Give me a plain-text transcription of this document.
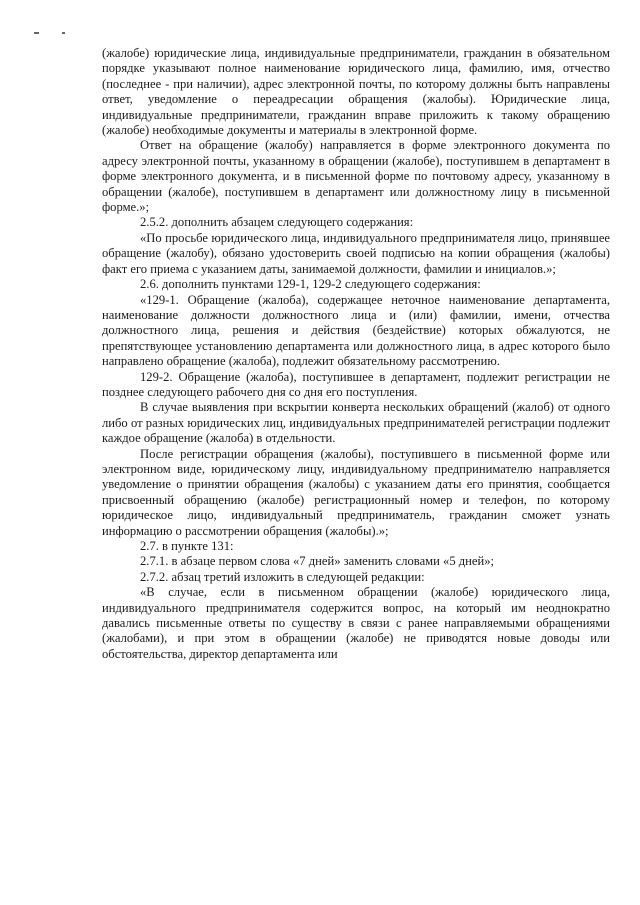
(жалобе) юридические лица, индивидуальные предприниматели, гражданин в обязательном порядке указывают полное наименование юридического лица, фамилию, имя, отчество (последнее - при наличии), адрес электронной почты, по которому должны быть направлены ответ, уведомление о переадресации обращения (жалобы). Юридические лица, индивидуальные предприниматели, гражданин вправе приложить к такому обращению (жалобе) необходимые документы и материалы в электронной форме.

Ответ на обращение (жалобу) направляется в форме электронного документа по адресу электронной почты, указанному в обращении (жалобе), поступившем в департамент в форме электронного документа, и в письменной форме по почтовому адресу, указанному в обращении (жалобе), поступившем в департамент или должностному лицу в письменной форме.»;

2.5.2. дополнить абзацем следующего содержания:

«По просьбе юридического лица, индивидуального предпринимателя лицо, принявшее обращение (жалобу), обязано удостоверить своей подписью на копии обращения (жалобы) факт его приема с указанием даты, занимаемой должности, фамилии и инициалов.»;

2.6. дополнить пунктами 129-1, 129-2 следующего содержания:

«129-1. Обращение (жалоба), содержащее неточное наименование департамента, наименование должности должностного лица и (или) фамилии, имени, отчества должностного лица, решения и действия (бездействие) которых обжалуются, не препятствующее установлению департамента или должностного лица, в адрес которого было направлено обращение (жалоба), подлежит обязательному рассмотрению.

129-2. Обращение (жалоба), поступившее в департамент, подлежит регистрации не позднее следующего рабочего дня со дня его поступления.

В случае выявления при вскрытии конверта нескольких обращений (жалоб) от одного либо от разных юридических лиц, индивидуальных предпринимателей регистрации подлежит каждое обращение (жалоба) в отдельности.

После регистрации обращения (жалобы), поступившего в письменной форме или электронном виде, юридическому лицу, индивидуальному предпринимателю направляется уведомление о принятии обращения (жалобы) с указанием даты его принятия, сообщается присвоенный обращению (жалобе) регистрационный номер и телефон, по которому юридическое лицо, индивидуальный предприниматель, гражданин сможет узнать информацию о рассмотрении обращения (жалобы).»;

2.7. в пункте 131:

2.7.1. в абзаце первом слова «7 дней» заменить словами «5 дней»;

2.7.2. абзац третий изложить в следующей редакции:

«В случае, если в письменном обращении (жалобе) юридического лица, индивидуального предпринимателя содержится вопрос, на который им неоднократно давались письменные ответы по существу в связи с ранее направляемыми обращениями (жалобами), и при этом в обращении (жалобе) не приводятся новые доводы или обстоятельства, директор департамента или
